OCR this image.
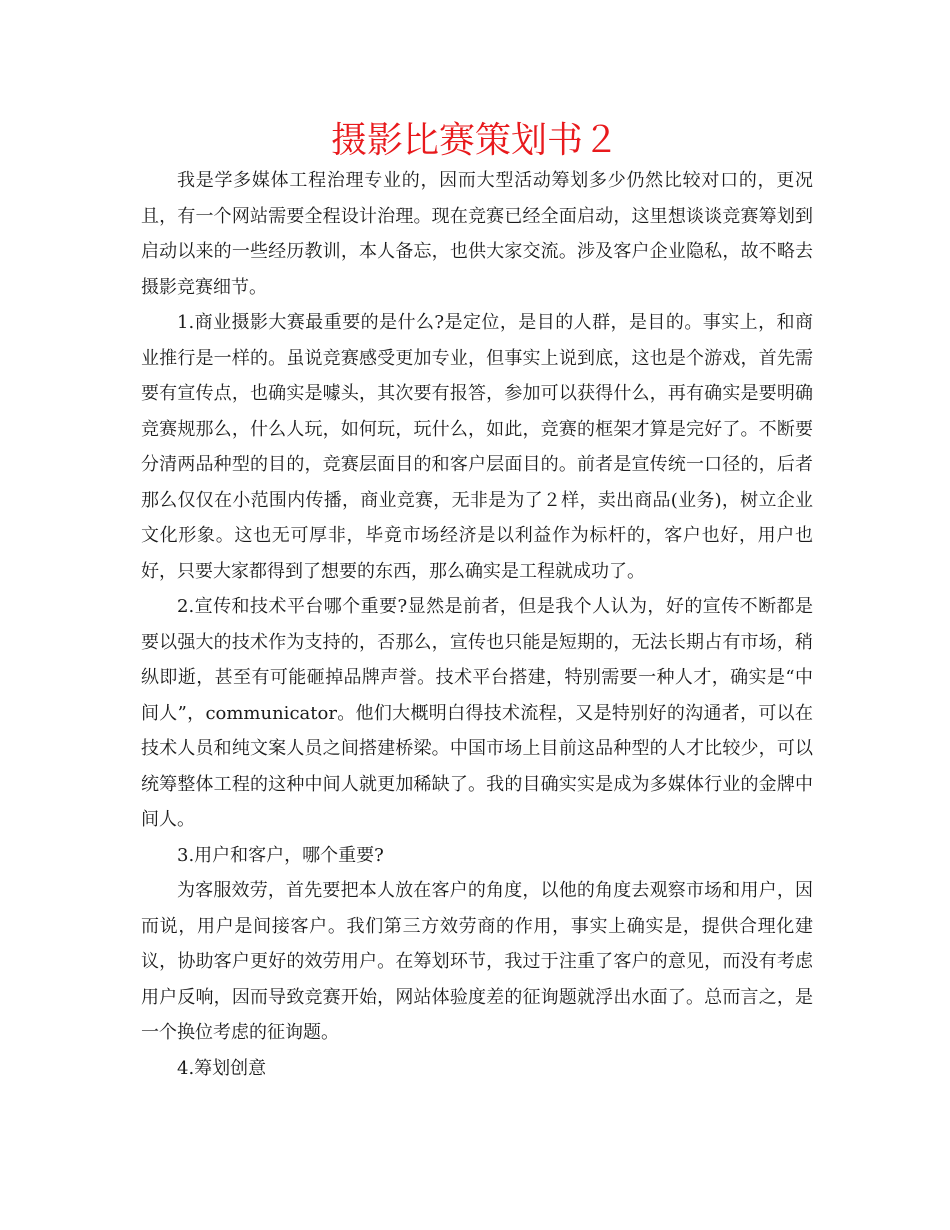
摄影比赛策划书２

我是学多媒体工程治理专业的，因而大型活动筹划多少仍然比较对口的，更况且，有一个网站需要全程设计治理。现在竞赛已经全面启动，这里想谈谈竞赛筹划到启动以来的一些经历教训，本人备忘，也供大家交流。涉及客户企业隐私，故不略去摄影竞赛细节。

1.商业摄影大赛最重要的是什么?是定位，是目的人群，是目的。事实上，和商业推行是一样的。虽说竞赛感受更加专业，但事实上说到底，这也是个游戏，首先需要有宣传点，也确实是噱头，其次要有报答，参加可以获得什么，再有确实是要明确竞赛规那么，什么人玩，如何玩，玩什么，如此，竞赛的框架才算是完好了。不断要分清两品种型的目的，竞赛层面目的和客户层面目的。前者是宣传统一口径的，后者那么仅仅在小范围内传播，商业竞赛，无非是为了２样，卖出商品(业务)，树立企业文化形象。这也无可厚非，毕竟市场经济是以利益作为标杆的，客户也好，用户也好，只要大家都得到了想要的东西，那么确实是工程就成功了。

2.宣传和技术平台哪个重要?显然是前者，但是我个人认为，好的宣传不断都是要以强大的技术作为支持的，否那么，宣传也只能是短期的，无法长期占有市场，稍纵即逝，甚至有可能砸掉品牌声誉。技术平台搭建，特别需要一种人才，确实是“中间人”，communicator。他们大概明白得技术流程，又是特别好的沟通者，可以在技术人员和纯文案人员之间搭建桥梁。中国市场上目前这品种型的人才比较少，可以统筹整体工程的这种中间人就更加稀缺了。我的目确实实是成为多媒体行业的金牌中间人。

3.用户和客户，哪个重要?

为客服效劳，首先要把本人放在客户的角度，以他的角度去观察市场和用户，因而说，用户是间接客户。我们第三方效劳商的作用，事实上确实是，提供合理化建议，协助客户更好的效劳用户。在筹划环节，我过于注重了客户的意见，而没有考虑用户反响，因而导致竞赛开始，网站体验度差的征询题就浮出水面了。总而言之，是一个换位考虑的征询题。

4.筹划创意
